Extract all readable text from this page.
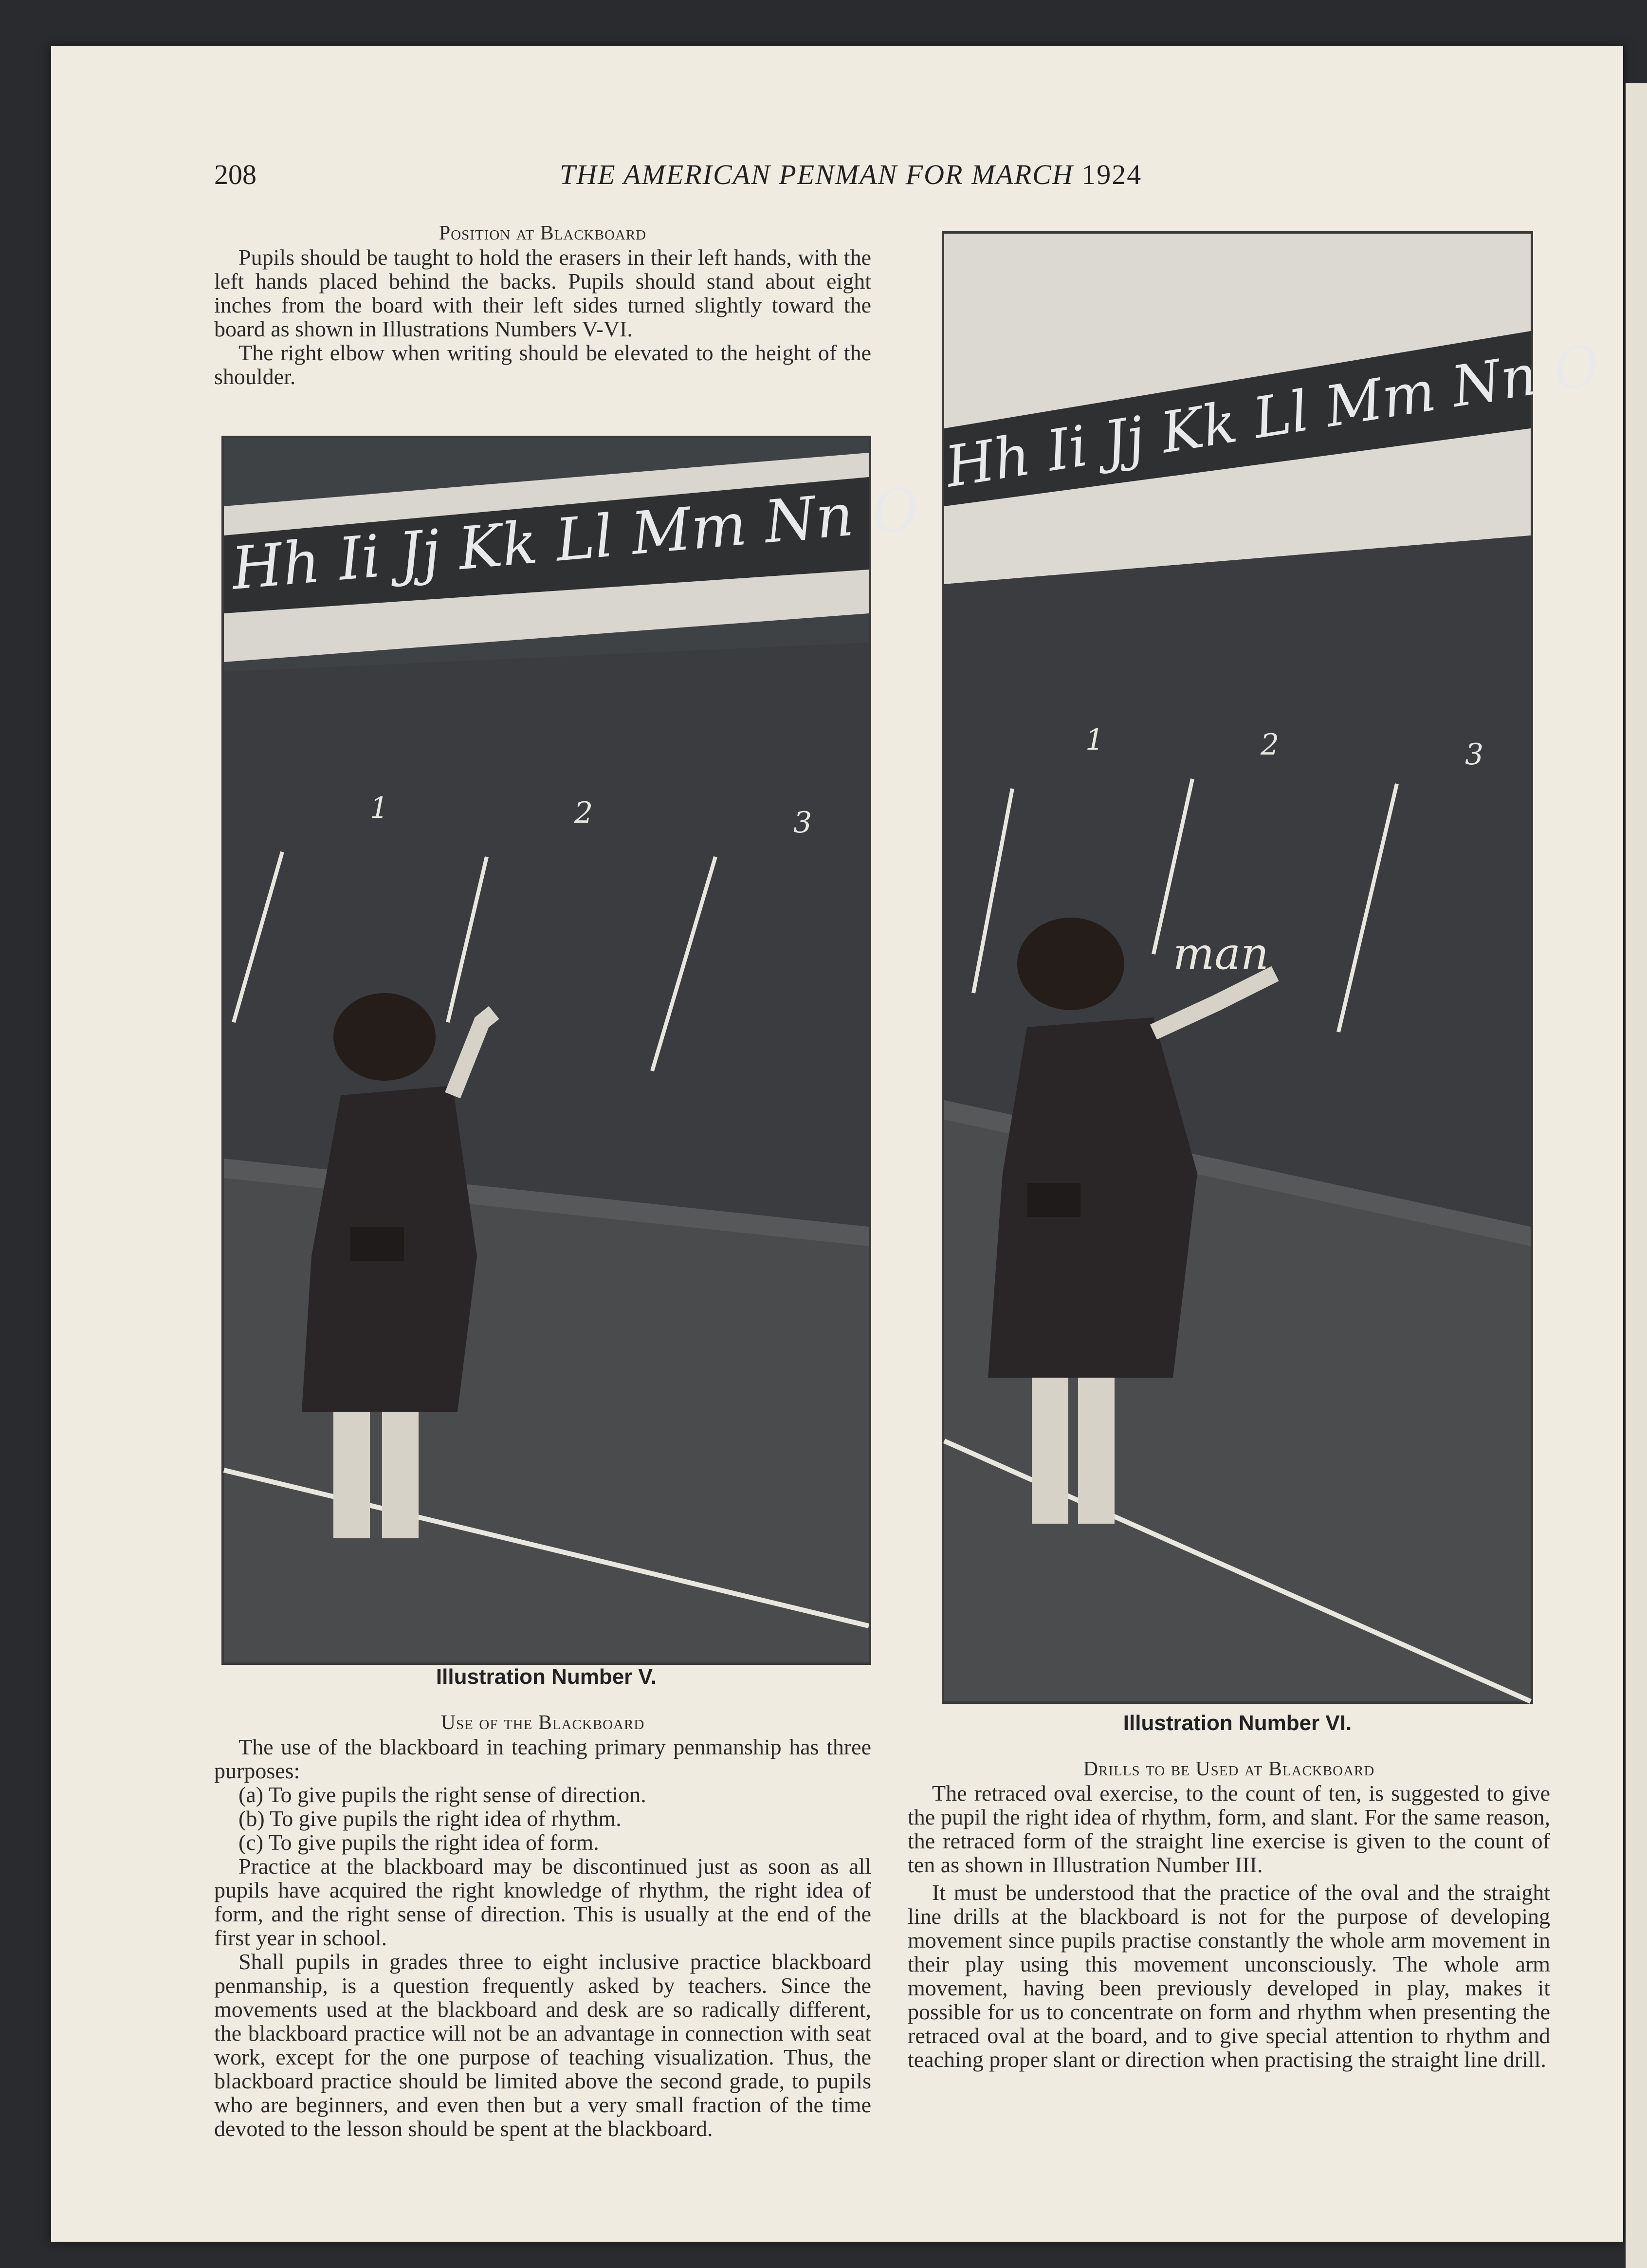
208	THE AMERICAN PENMAN FOR MARCH 1924
Position at Blackboard

Pupils should be taught to hold the erasers in their left hands, with the left hands placed behind the backs. Pupils should stand about eight inches from the board with their left sides turned slightly toward the board as shown in Illustrations Numbers V-VI.

The right elbow when writing should be elevated to the height of the shoulder.

Hh Ii Jj Kk Ll Mm Nn O
1	2	3
Illustration Number V.
Use of the Blackboard

The use of the blackboard in teaching primary penmanship has three purposes:

(a) To give pupils the right sense of direction.

(b) To give pupils the right idea of rhythm.

(c) To give pupils the right idea of form.

Practice at the blackboard may be discontinued just as soon as all pupils have acquired the right knowledge of rhythm, the right idea of form, and the right sense of direction. This is usually at the end of the first year in school.

Shall pupils in grades three to eight inclusive practice blackboard penmanship, is a question frequently asked by teachers. Since the movements used at the blackboard and desk are so radically different, the blackboard practice will not be an advantage in connection with seat work, except for the one purpose of teaching visualization. Thus, the blackboard practice should be limited above the second grade, to pupils who are beginners, and even then but a very small fraction of the time devoted to the lesson should be spent at the blackboard.

Hh Ii Jj Kk Ll Mm Nn O
1	2	3
man
Illustration Number VI.
Drills to be Used at Blackboard

The retraced oval exercise, to the count of ten, is suggested to give the pupil the right idea of rhythm, form, and slant. For the same reason, the retraced form of the straight line exercise is given to the count of ten as shown in Illustration Number III.

It must be understood that the practice of the oval and the straight line drills at the blackboard is not for the purpose of developing movement since pupils practise constantly the whole arm movement in their play using this movement unconsciously. The whole arm movement, having been previously developed in play, makes it possible for us to concentrate on form and rhythm when presenting the retraced oval at the board, and to give special attention to rhythm and teaching proper slant or direction when practising the straight line drill.
